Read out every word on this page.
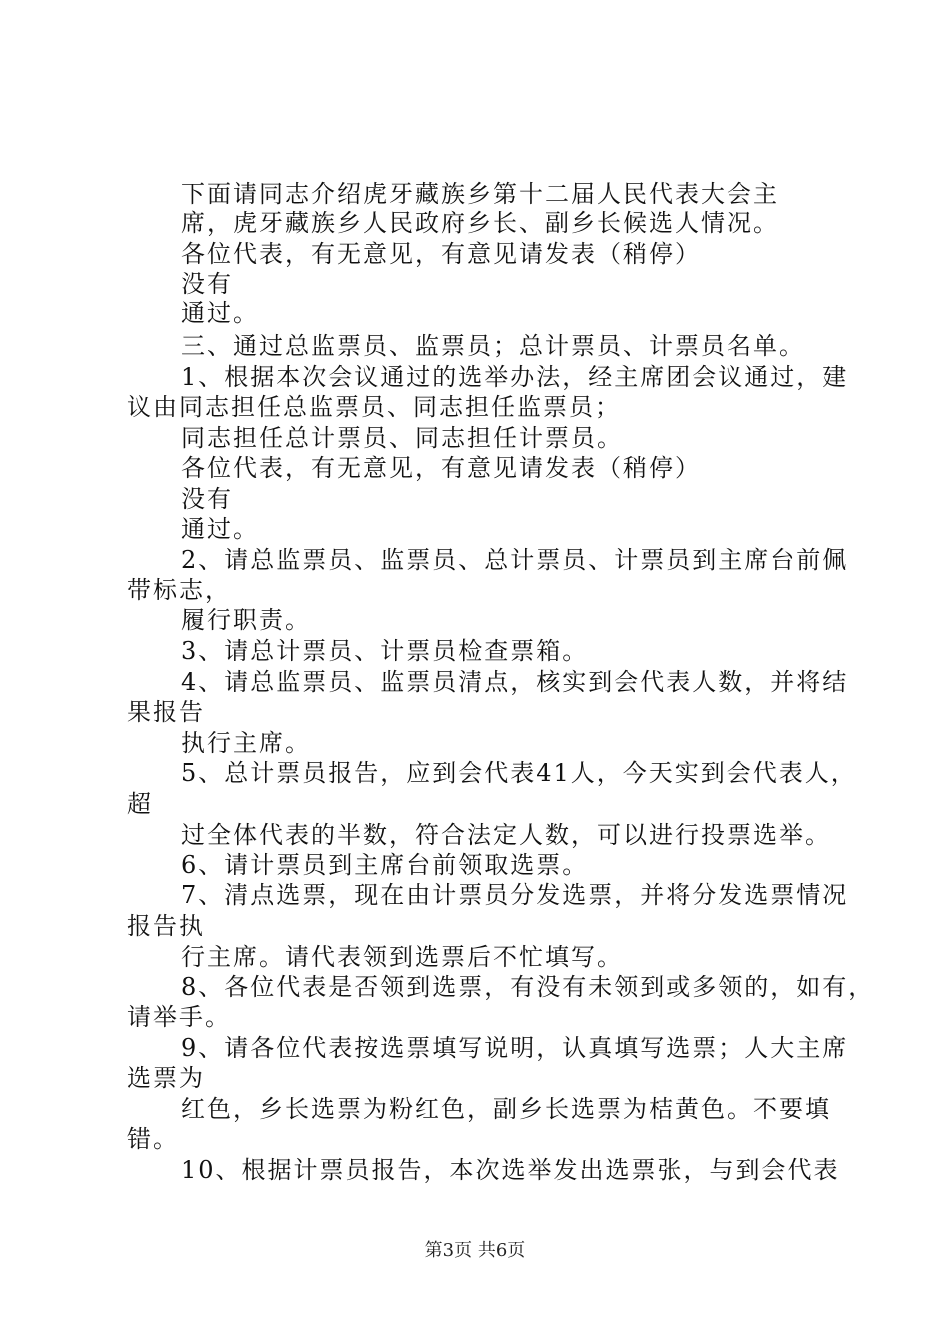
下面请同志介绍虎牙藏族乡第十二届人民代表大会主
席，虎牙藏族乡人民政府乡长、副乡长候选人情况。
各位代表，有无意见，有意见请发表（稍停）
没有
通过。
三、通过总监票员、监票员；总计票员、计票员名单。
1、根据本次会议通过的选举办法，经主席团会议通过，建
议由同志担任总监票员、同志担任监票员；
同志担任总计票员、同志担任计票员。
各位代表，有无意见，有意见请发表（稍停）
没有
通过。
2、请总监票员、监票员、总计票员、计票员到主席台前佩
带标志，
履行职责。
3、请总计票员、计票员检查票箱。
4、请总监票员、监票员清点，核实到会代表人数，并将结
果报告
执行主席。
5、总计票员报告，应到会代表41人，今天实到会代表人，
超
过全体代表的半数，符合法定人数，可以进行投票选举。
6、请计票员到主席台前领取选票。
7、清点选票，现在由计票员分发选票，并将分发选票情况
报告执
行主席。请代表领到选票后不忙填写。
8、各位代表是否领到选票，有没有未领到或多领的，如有，
请举手。
9、请各位代表按选票填写说明，认真填写选票；人大主席
选票为
红色，乡长选票为粉红色，副乡长选票为桔黄色。不要填
错。
10、根据计票员报告，本次选举发出选票张，与到会代表
第3页 共6页
